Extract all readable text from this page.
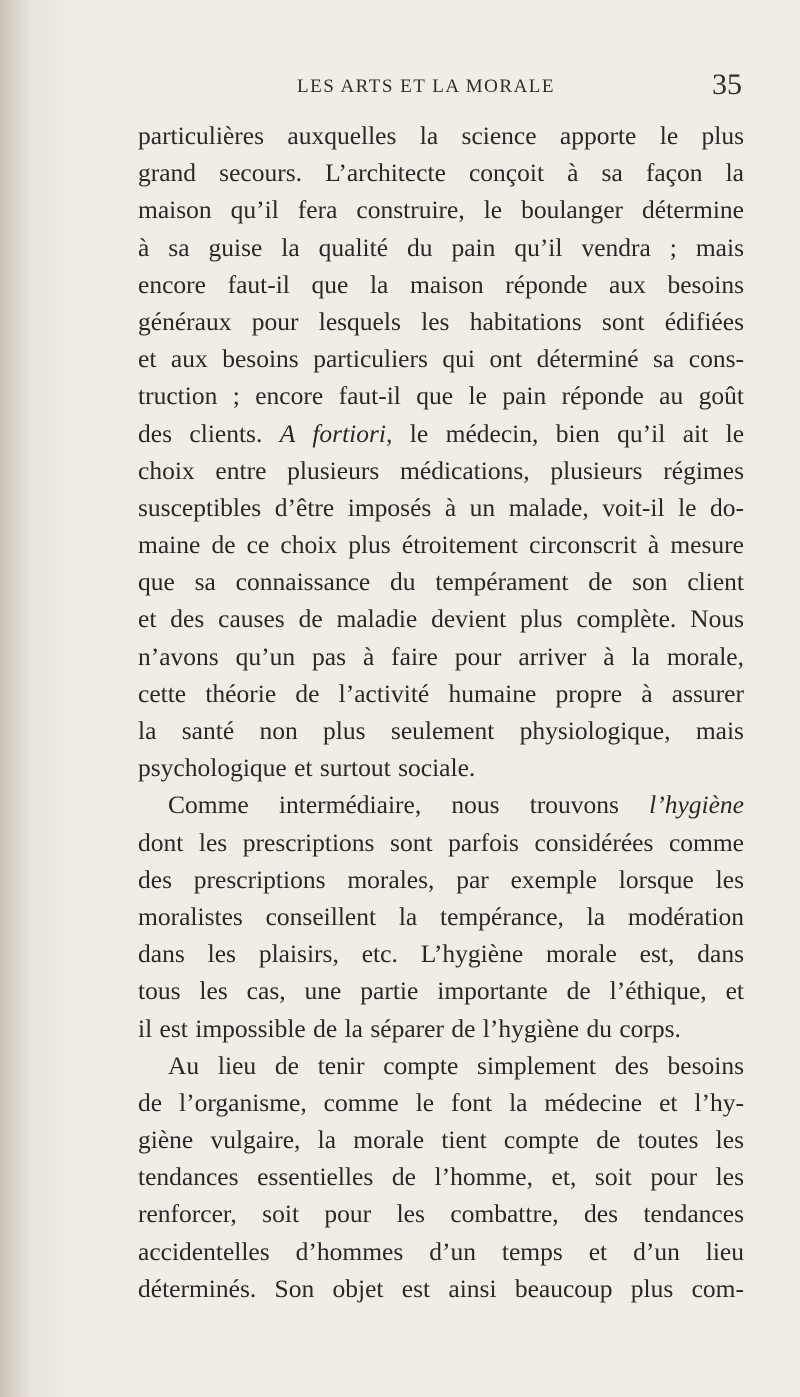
LES ARTS ET LA MORALE	35
particulières auxquelles la science apporte le plus
grand secours. L’architecte conçoit à sa façon la
maison qu’il fera construire, le boulanger détermine
à sa guise la qualité du pain qu’il vendra ; mais
encore faut-il que la maison réponde aux besoins
généraux pour lesquels les habitations sont édifiées
et aux besoins particuliers qui ont déterminé sa cons-
truction ; encore faut-il que le pain réponde au goût
des clients. A fortiori, le médecin, bien qu’il ait le
choix entre plusieurs médications, plusieurs régimes
susceptibles d’être imposés à un malade, voit-il le do-
maine de ce choix plus étroitement circonscrit à mesure
que sa connaissance du tempérament de son client
et des causes de maladie devient plus complète. Nous
n’avons qu’un pas à faire pour arriver à la morale,
cette théorie de l’activité humaine propre à assurer
la santé non plus seulement physiologique, mais
psychologique et surtout sociale.
Comme intermédiaire, nous trouvons l’hygiène
dont les prescriptions sont parfois considérées comme
des prescriptions morales, par exemple lorsque les
moralistes conseillent la tempérance, la modération
dans les plaisirs, etc. L’hygiène morale est, dans
tous les cas, une partie importante de l’éthique, et
il est impossible de la séparer de l’hygiène du corps.
Au lieu de tenir compte simplement des besoins
de l’organisme, comme le font la médecine et l’hy-
giène vulgaire, la morale tient compte de toutes les
tendances essentielles de l’homme, et, soit pour les
renforcer, soit pour les combattre, des tendances
accidentelles d’hommes d’un temps et d’un lieu
déterminés. Son objet est ainsi beaucoup plus com-
